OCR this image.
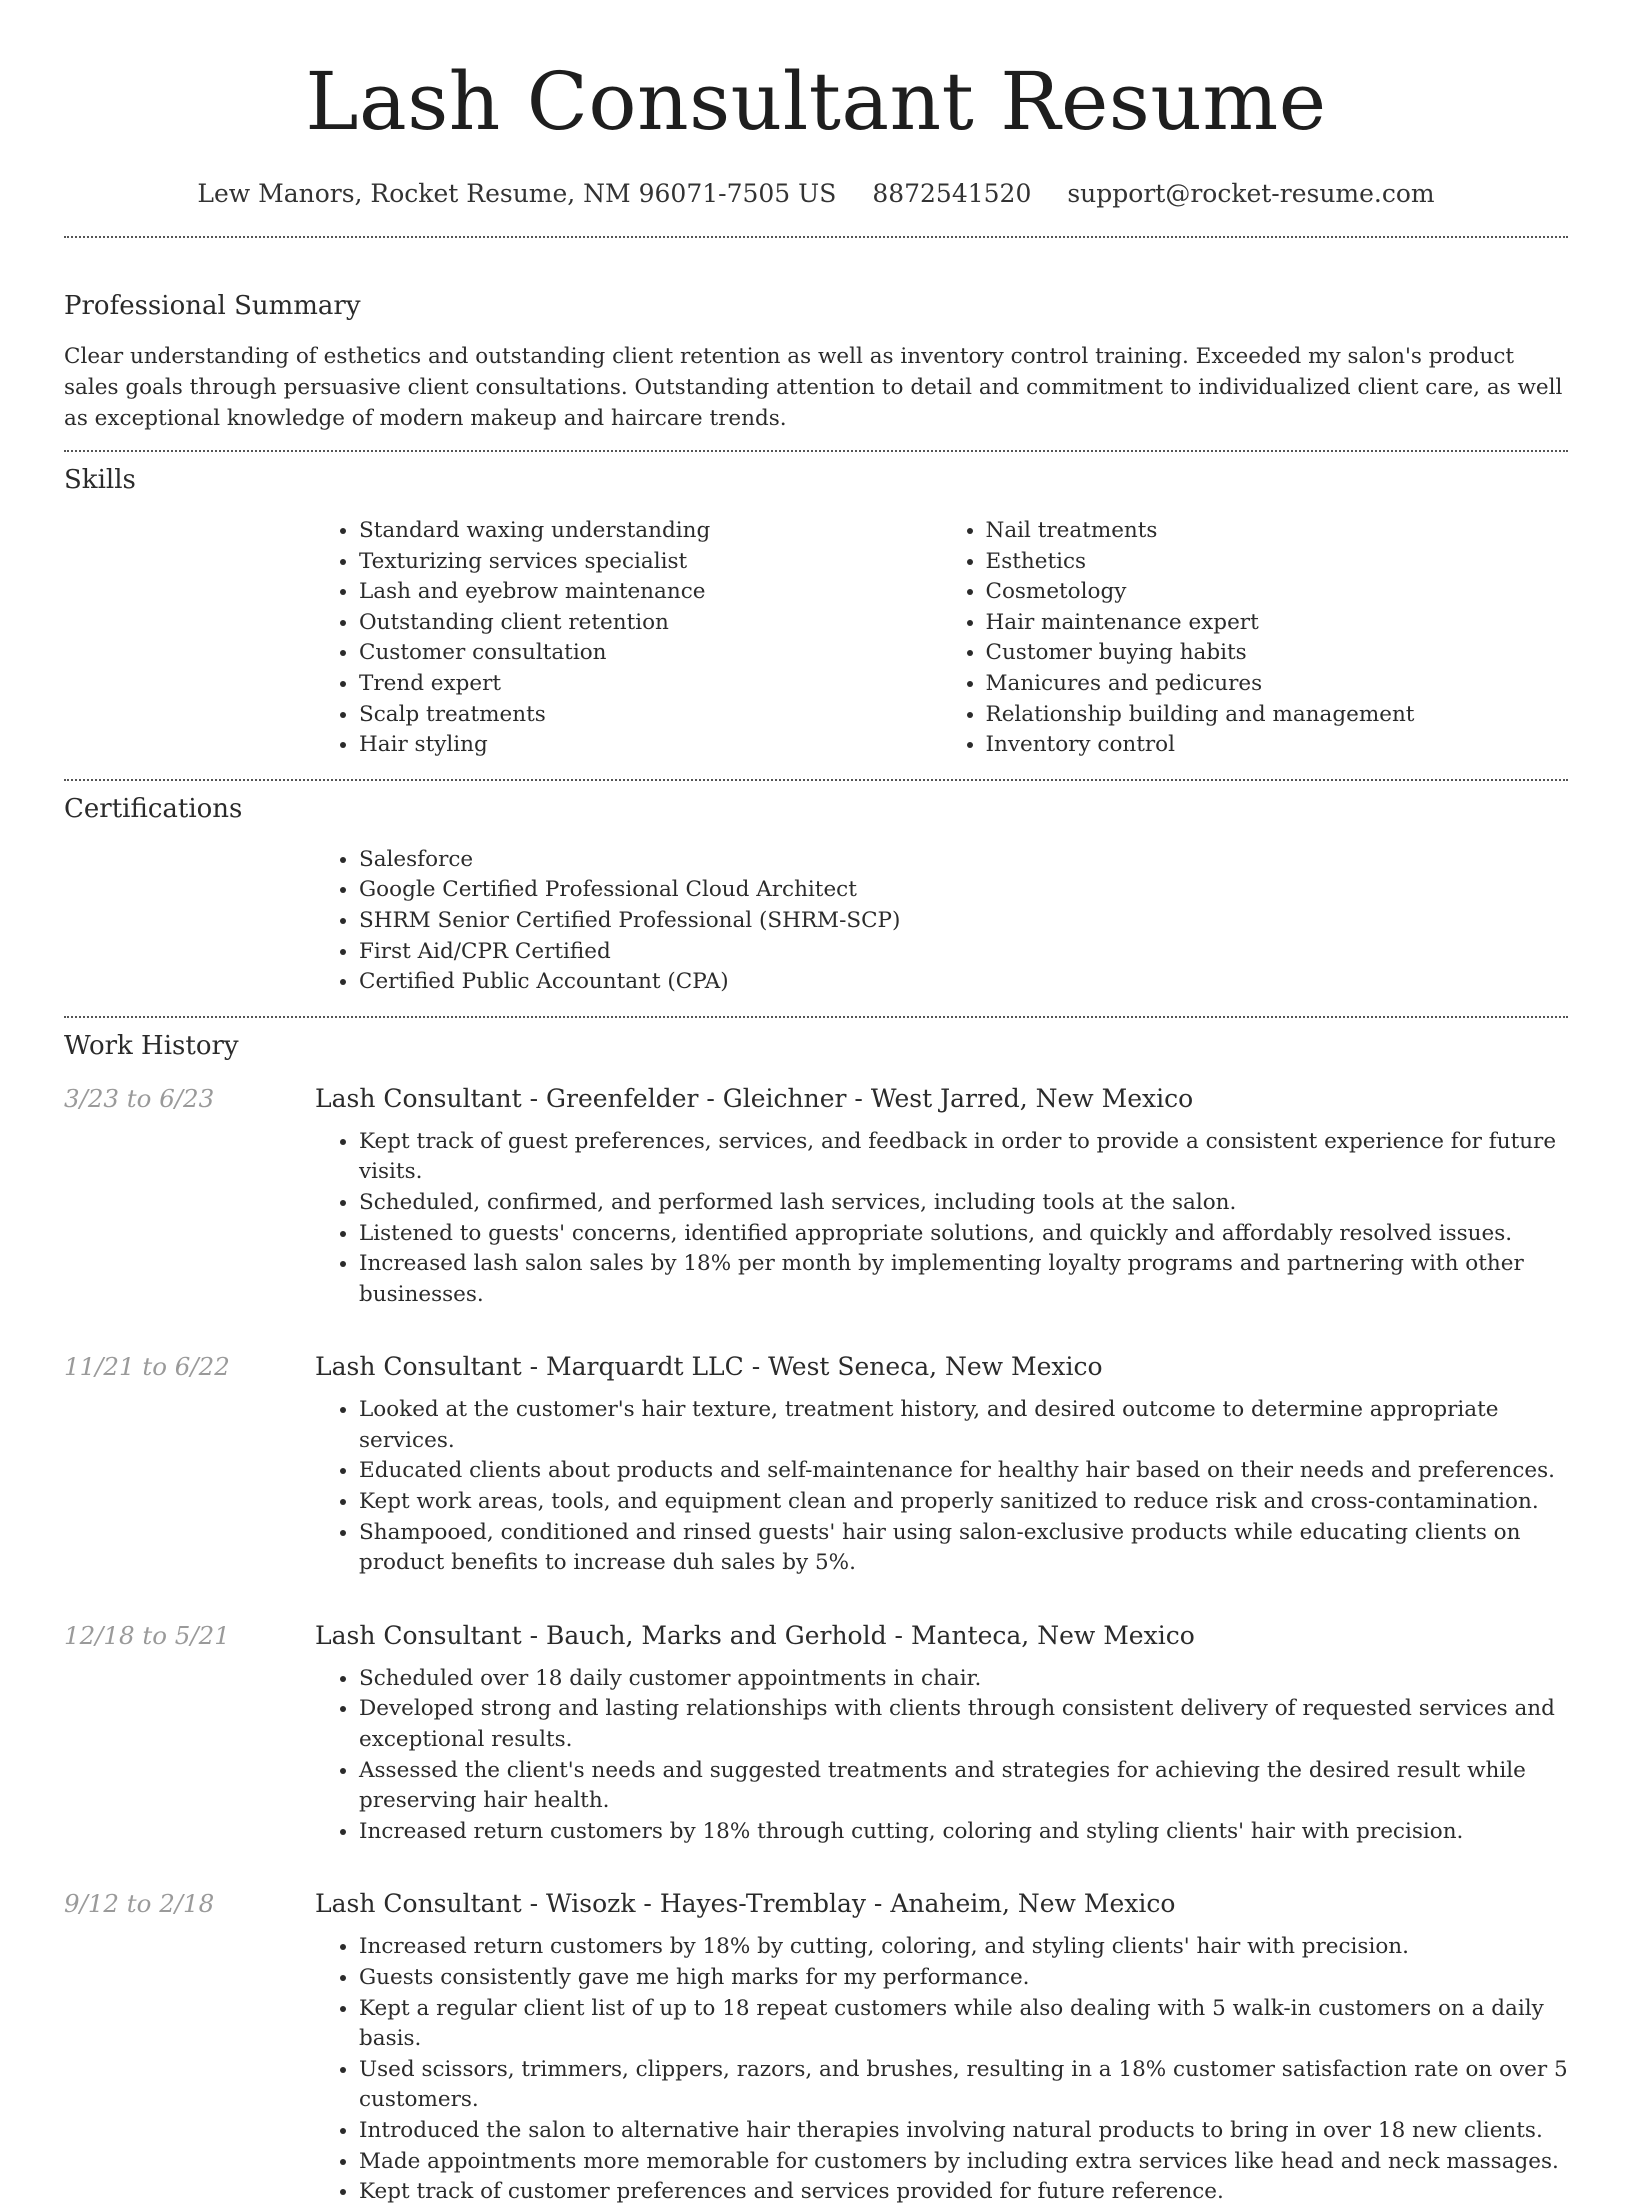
Lash Consultant Resume
Lew Manors, Rocket Resume, NM 96071-7505 US 8872541520 support@rocket-resume.com
Professional Summary

Clear understanding of esthetics and outstanding client retention as well as inventory control training. Exceeded my salon's product sales goals through persuasive client consultations. Outstanding attention to detail and commitment to individualized client care, as well as exceptional knowledge of modern makeup and haircare trends.

Skills
• Standard waxing understanding
• Texturizing services specialist
• Lash and eyebrow maintenance
• Outstanding client retention
• Customer consultation
• Trend expert
• Scalp treatments
• Hair styling
• Nail treatments
• Esthetics
• Cosmetology
• Hair maintenance expert
• Customer buying habits
• Manicures and pedicures
• Relationship building and management
• Inventory control
Certifications
• Salesforce
• Google Certified Professional Cloud Architect
• SHRM Senior Certified Professional (SHRM-SCP)
• First Aid/CPR Certified
• Certified Public Accountant (CPA)
Work History
3/23 to 6/23	Lash Consultant - Greenfelder - Gleichner - West Jarred, New Mexico
• Kept track of guest preferences, services, and feedback in order to provide a consistent experience for future visits.
• Scheduled, confirmed, and performed lash services, including tools at the salon.
• Listened to guests' concerns, identified appropriate solutions, and quickly and affordably resolved issues.
• Increased lash salon sales by 18% per month by implementing loyalty programs and partnering with other businesses.
11/21 to 6/22	Lash Consultant - Marquardt LLC - West Seneca, New Mexico
• Looked at the customer's hair texture, treatment history, and desired outcome to determine appropriate services.
• Educated clients about products and self-maintenance for healthy hair based on their needs and preferences.
• Kept work areas, tools, and equipment clean and properly sanitized to reduce risk and cross-contamination.
• Shampooed, conditioned and rinsed guests' hair using salon-exclusive products while educating clients on product benefits to increase duh sales by 5%.
12/18 to 5/21	Lash Consultant - Bauch, Marks and Gerhold - Manteca, New Mexico
• Scheduled over 18 daily customer appointments in chair.
• Developed strong and lasting relationships with clients through consistent delivery of requested services and exceptional results.
• Assessed the client's needs and suggested treatments and strategies for achieving the desired result while preserving hair health.
• Increased return customers by 18% through cutting, coloring and styling clients' hair with precision.
9/12 to 2/18	Lash Consultant - Wisozk - Hayes-Tremblay - Anaheim, New Mexico
• Increased return customers by 18% by cutting, coloring, and styling clients' hair with precision.
• Guests consistently gave me high marks for my performance.
• Kept a regular client list of up to 18 repeat customers while also dealing with 5 walk-in customers on a daily basis.
• Used scissors, trimmers, clippers, razors, and brushes, resulting in a 18% customer satisfaction rate on over 5 customers.
• Introduced the salon to alternative hair therapies involving natural products to bring in over 18 new clients.
• Made appointments more memorable for customers by including extra services like head and neck massages.
• Kept track of customer preferences and services provided for future reference.
